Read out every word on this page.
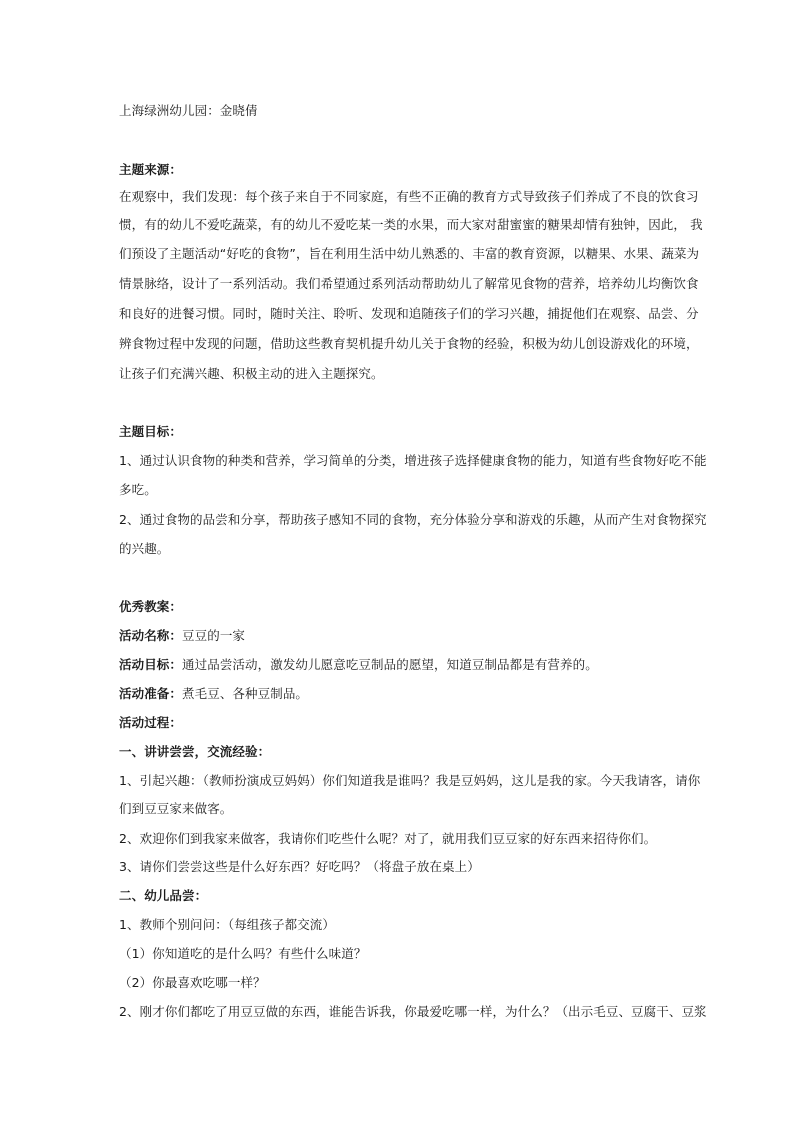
上海绿洲幼儿园：金晓倩
主题来源：
在观察中，我们发现：每个孩子来自于不同家庭，有些不正确的教育方式导致孩子们养成了不良的饮食习
惯，有的幼儿不爱吃蔬菜，有的幼儿不爱吃某一类的水果，而大家对甜蜜蜜的糖果却情有独钟，因此， 我
们预设了主题活动“好吃的食物”，旨在利用生活中幼儿熟悉的、丰富的教育资源，以糖果、水果、蔬菜为
情景脉络，设计了一系列活动。我们希望通过系列活动帮助幼儿了解常见食物的营养，培养幼儿均衡饮食
和良好的进餐习惯。同时，随时关注、聆听、发现和追随孩子们的学习兴趣，捕捉他们在观察、品尝、分
辨食物过程中发现的问题，借助这些教育契机提升幼儿关于食物的经验，积极为幼儿创设游戏化的环境，
让孩子们充满兴趣、积极主动的进入主题探究。
主题目标：
1、通过认识食物的种类和营养，学习简单的分类，增进孩子选择健康食物的能力，知道有些食物好吃不能
多吃。
2、通过食物的品尝和分享，帮助孩子感知不同的食物，充分体验分享和游戏的乐趣，从而产生对食物探究
的兴趣。
优秀教案：
活动名称：豆豆的一家
活动目标：通过品尝活动，激发幼儿愿意吃豆制品的愿望，知道豆制品都是有营养的。
活动准备：煮毛豆、各种豆制品。
活动过程：
一、讲讲尝尝，交流经验：
1、引起兴趣：（教师扮演成豆妈妈）你们知道我是谁吗？我是豆妈妈，这儿是我的家。今天我请客，请你
们到豆豆家来做客。
2、欢迎你们到我家来做客，我请你们吃些什么呢？对了，就用我们豆豆家的好东西来招待你们。
3、请你们尝尝这些是什么好东西？好吃吗？（将盘子放在桌上）
二、幼儿品尝：
1、教师个别问问：（每组孩子都交流）
（1）你知道吃的是什么吗？有些什么味道？
（2）你最喜欢吃哪一样？
2、刚才你们都吃了用豆豆做的东西，谁能告诉我，你最爱吃哪一样，为什么？（出示毛豆、豆腐干、豆浆
